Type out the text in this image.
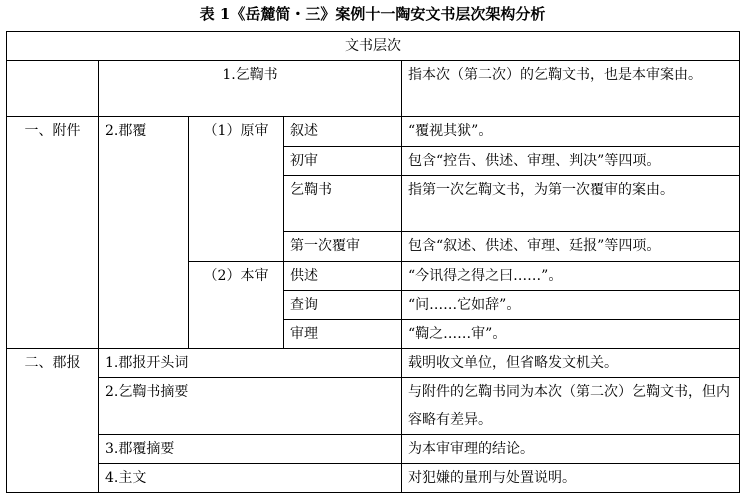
表 1《岳麓简・三》案例十一陶安文书层次架构分析
文书层次				
	1.乞鞫书			指本次（第二次）的乞鞫文书，也是本审案由。
一、附件	2.郡覆	（1）原审	叙述	“覆视其狱”。
			初审	包含“控告、供述、审理、判决”等四项。
			乞鞫书	指第一次乞鞫文书，为第一次覆审的案由。
			第一次覆审	包含“叙述、供述、审理、廷报”等四项。
		（2）本审	供述	“今讯得之得之曰……”。
			查询	“问……它如辞”。
			审理	“鞫之……审”。
二、郡报	1.郡报开头词			载明收文单位，但省略发文机关。
	2.乞鞫书摘要			与附件的乞鞫书同为本次（第二次）乞鞫文书，但内容略有差异。
	3.郡覆摘要			为本审审理的结论。
	4.主文			对犯嫌的量刑与处置说明。
